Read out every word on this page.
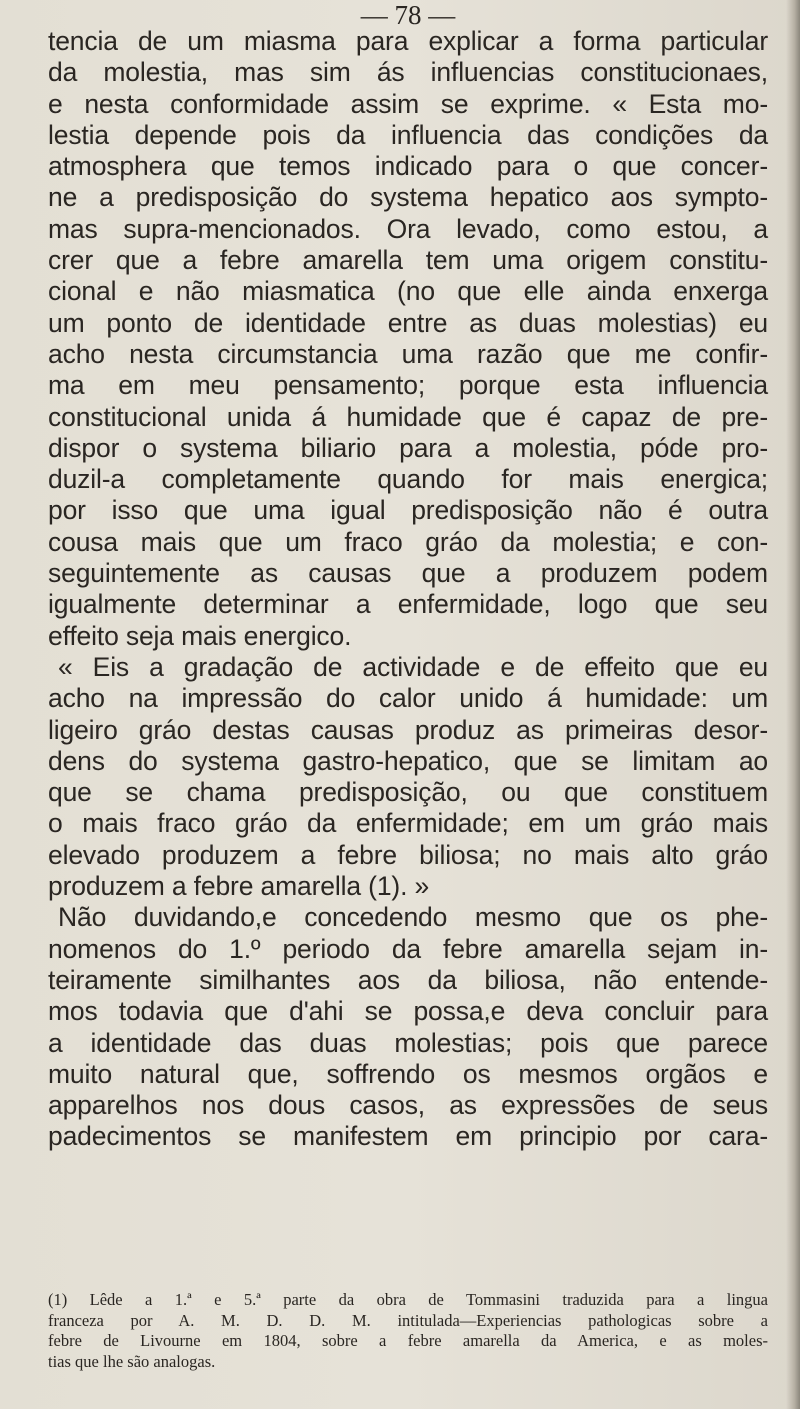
— 78 —
tencia de um miasma para explicar a forma particular
da molestia, mas sim ás influencias constitucionaes,
e nesta conformidade assim se exprime. « Esta mo-
lestia depende pois da influencia das condições da
atmosphera que temos indicado para o que concer-
ne a predisposição do systema hepatico aos sympto-
mas supra-mencionados. Ora levado, como estou, a
crer que a febre amarella tem uma origem constitu-
cional e não miasmatica (no que elle ainda enxerga
um ponto de identidade entre as duas molestias) eu
acho nesta circumstancia uma razão que me confir-
ma em meu pensamento; porque esta influencia
constitucional unida á humidade que é capaz de pre-
dispor o systema biliario para a molestia, póde pro-
duzil-a completamente quando for mais energica;
por isso que uma igual predisposição não é outra
cousa mais que um fraco gráo da molestia; e con-
seguintemente as causas que a produzem podem
igualmente determinar a enfermidade, logo que seu
effeito seja mais energico.
« Eis a gradação de actividade e de effeito que eu
acho na impressão do calor unido á humidade: um
ligeiro gráo destas causas produz as primeiras desor-
dens do systema gastro-hepatico, que se limitam ao
que se chama predisposição, ou que constituem
o mais fraco gráo da enfermidade; em um gráo mais
elevado produzem a febre biliosa; no mais alto gráo
produzem a febre amarella (1). »
Não duvidando,e concedendo mesmo que os phe-
nomenos do 1.º periodo da febre amarella sejam in-
teiramente similhantes aos da biliosa, não entende-
mos todavia que d'ahi se possa,e deva concluir para
a identidade das duas molestias; pois que parece
muito natural que, soffrendo os mesmos orgãos e
apparelhos nos dous casos, as expressões de seus
padecimentos se manifestem em principio por cara-
(1) Lêde a 1.ª e 5.ª parte da obra de Tommasini traduzida para a lingua
franceza por A. M. D. D. M. intitulada—Experiencias pathologicas sobre a
febre de Livourne em 1804, sobre a febre amarella da America, e as moles-
tias que lhe são analogas.
